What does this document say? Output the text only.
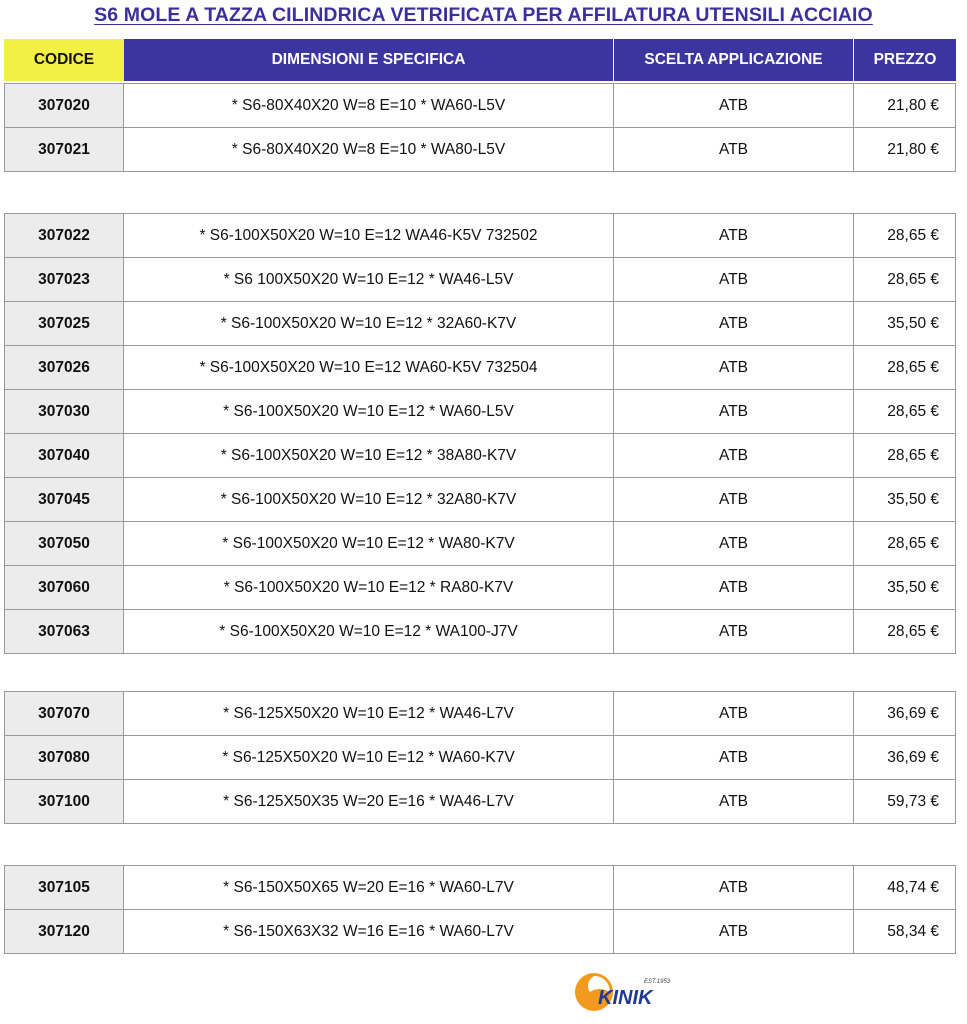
S6 MOLE A TAZZA CILINDRICA VETRIFICATA PER AFFILATURA UTENSILI ACCIAIO
CODICE	DIMENSIONI E SPECIFICA	SCELTA APPLICAZIONE	PREZZO
307020	* S6-80X40X20 W=8 E=10 * WA60-L5V	ATB	21,80 €
307021	* S6-80X40X20 W=8 E=10 * WA80-L5V	ATB	21,80 €
307022	* S6-100X50X20 W=10 E=12 WA46-K5V 732502	ATB	28,65 €
307023	* S6 100X50X20 W=10 E=12 * WA46-L5V	ATB	28,65 €
307025	* S6-100X50X20 W=10 E=12 * 32A60-K7V	ATB	35,50 €
307026	* S6-100X50X20 W=10 E=12 WA60-K5V 732504	ATB	28,65 €
307030	* S6-100X50X20 W=10 E=12 * WA60-L5V	ATB	28,65 €
307040	* S6-100X50X20 W=10 E=12 * 38A80-K7V	ATB	28,65 €
307045	* S6-100X50X20 W=10 E=12 * 32A80-K7V	ATB	35,50 €
307050	* S6-100X50X20 W=10 E=12 * WA80-K7V	ATB	28,65 €
307060	* S6-100X50X20 W=10 E=12 * RA80-K7V	ATB	35,50 €
307063	* S6-100X50X20 W=10 E=12 * WA100-J7V	ATB	28,65 €
307070	* S6-125X50X20 W=10 E=12 * WA46-L7V	ATB	36,69 €
307080	* S6-125X50X20 W=10 E=12 * WA60-K7V	ATB	36,69 €
307100	* S6-125X50X35 W=20 E=16 * WA46-L7V	ATB	59,73 €
307105	* S6-150X50X65 W=20 E=16 * WA60-L7V	ATB	48,74 €
307120	* S6-150X63X32 W=16 E=16 * WA60-L7V	ATB	58,34 €
EST.1953
KINIK
